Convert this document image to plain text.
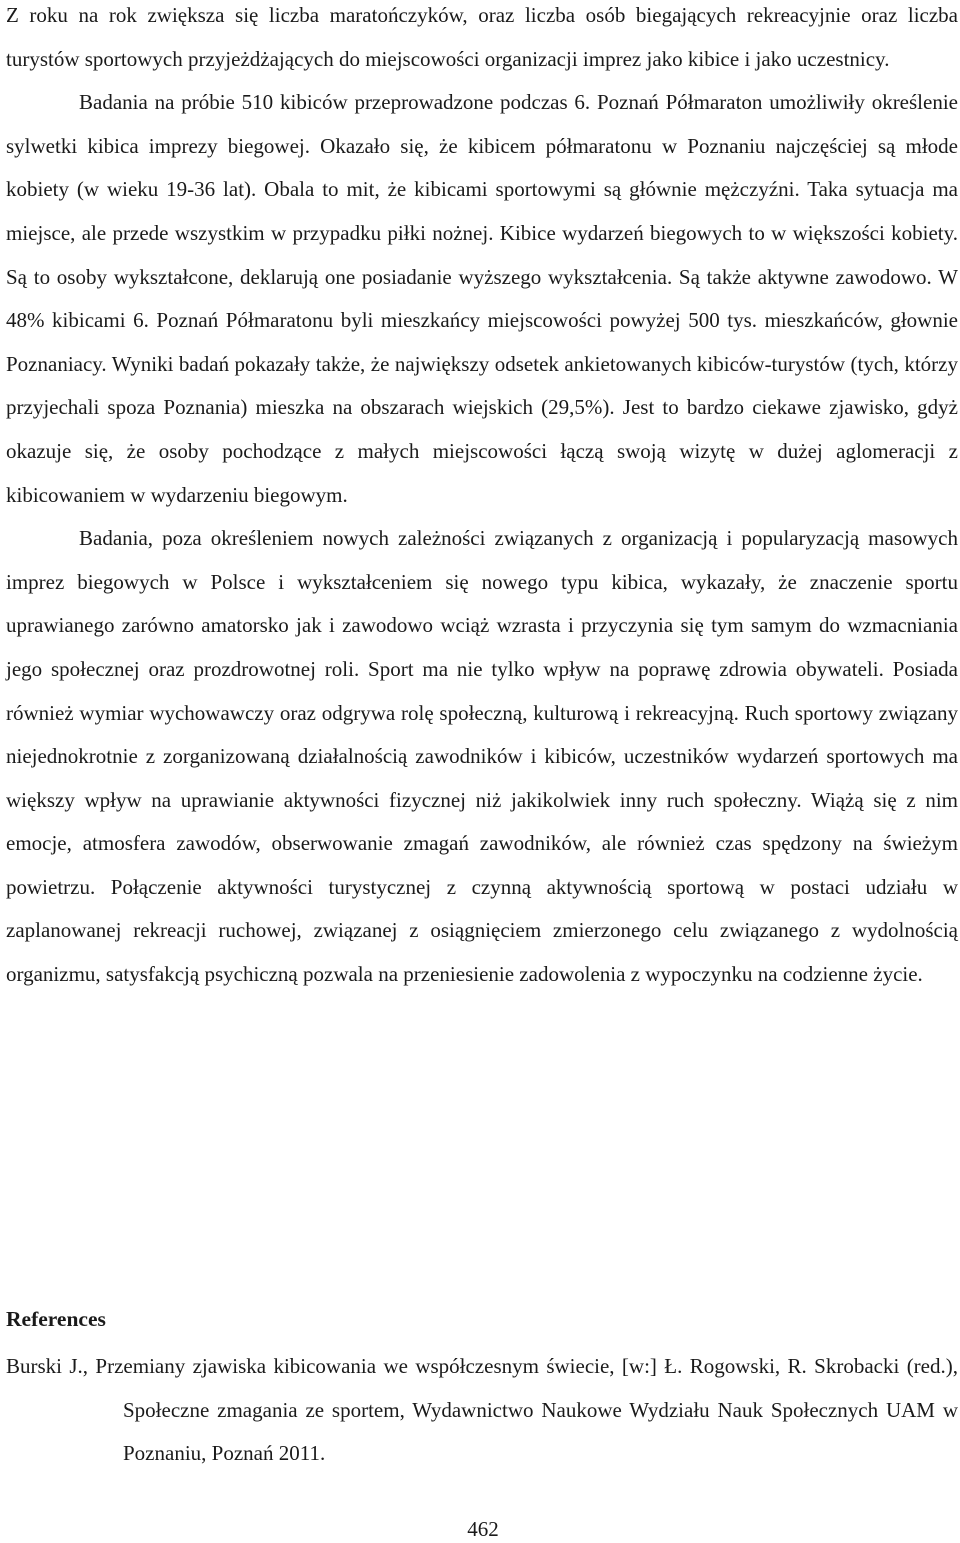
Z roku na rok zwiększa się liczba maratończyków, oraz liczba osób biegających rekreacyjnie oraz liczba turystów sportowych przyjeżdżających do miejscowości organizacji imprez jako kibice i jako uczestnicy.

Badania na próbie 510 kibiców przeprowadzone podczas 6. Poznań Półmaraton umożliwiły określenie sylwetki kibica imprezy biegowej. Okazało się, że kibicem półmaratonu w Poznaniu najczęściej są młode kobiety (w wieku 19-36 lat). Obala to mit, że kibicami sportowymi są głównie mężczyźni. Taka sytuacja ma miejsce, ale przede wszystkim w przypadku piłki nożnej. Kibice wydarzeń biegowych to w większości kobiety. Są to osoby wykształcone, deklarują one posiadanie wyższego wykształcenia. Są także aktywne zawodowo. W 48% kibicami 6. Poznań Półmaratonu byli mieszkańcy miejscowości powyżej 500 tys. mieszkańców, głownie Poznaniacy. Wyniki badań pokazały także, że największy odsetek ankietowanych kibiców-turystów (tych, którzy przyjechali spoza Poznania) mieszka na obszarach wiejskich (29,5%). Jest to bardzo ciekawe zjawisko, gdyż okazuje się, że osoby pochodzące z małych miejscowości łączą swoją wizytę w dużej aglomeracji z kibicowaniem w wydarzeniu biegowym.

Badania, poza określeniem nowych zależności związanych z organizacją i popularyzacją masowych imprez biegowych w Polsce i wykształceniem się nowego typu kibica, wykazały, że znaczenie sportu uprawianego zarówno amatorsko jak i zawodowo wciąż wzrasta i przyczynia się tym samym do wzmacniania jego społecznej oraz prozdrowotnej roli. Sport ma nie tylko wpływ na poprawę zdrowia obywateli. Posiada również wymiar wychowawczy oraz odgrywa rolę społeczną, kulturową i rekreacyjną. Ruch sportowy związany niejednokrotnie z zorganizowaną działalnością zawodników i kibiców, uczestników wydarzeń sportowych ma większy wpływ na uprawianie aktywności fizycznej niż jakikolwiek inny ruch społeczny. Wiążą się z nim emocje, atmosfera zawodów, obserwowanie zmagań zawodników, ale również czas spędzony na świeżym powietrzu. Połączenie aktywności turystycznej z czynną aktywnością sportową w postaci udziału w zaplanowanej rekreacji ruchowej, związanej z osiągnięciem zmierzonego celu związanego z wydolnością organizmu, satysfakcją psychiczną pozwala na przeniesienie zadowolenia z wypoczynku na codzienne życie.

References

Burski J., Przemiany zjawiska kibicowania we współczesnym świecie, [w:] Ł. Rogowski, R. Skrobacki (red.), Społeczne zmagania ze sportem, Wydawnictwo Naukowe Wydziału Nauk Społecznych UAM w Poznaniu, Poznań 2011.

462
